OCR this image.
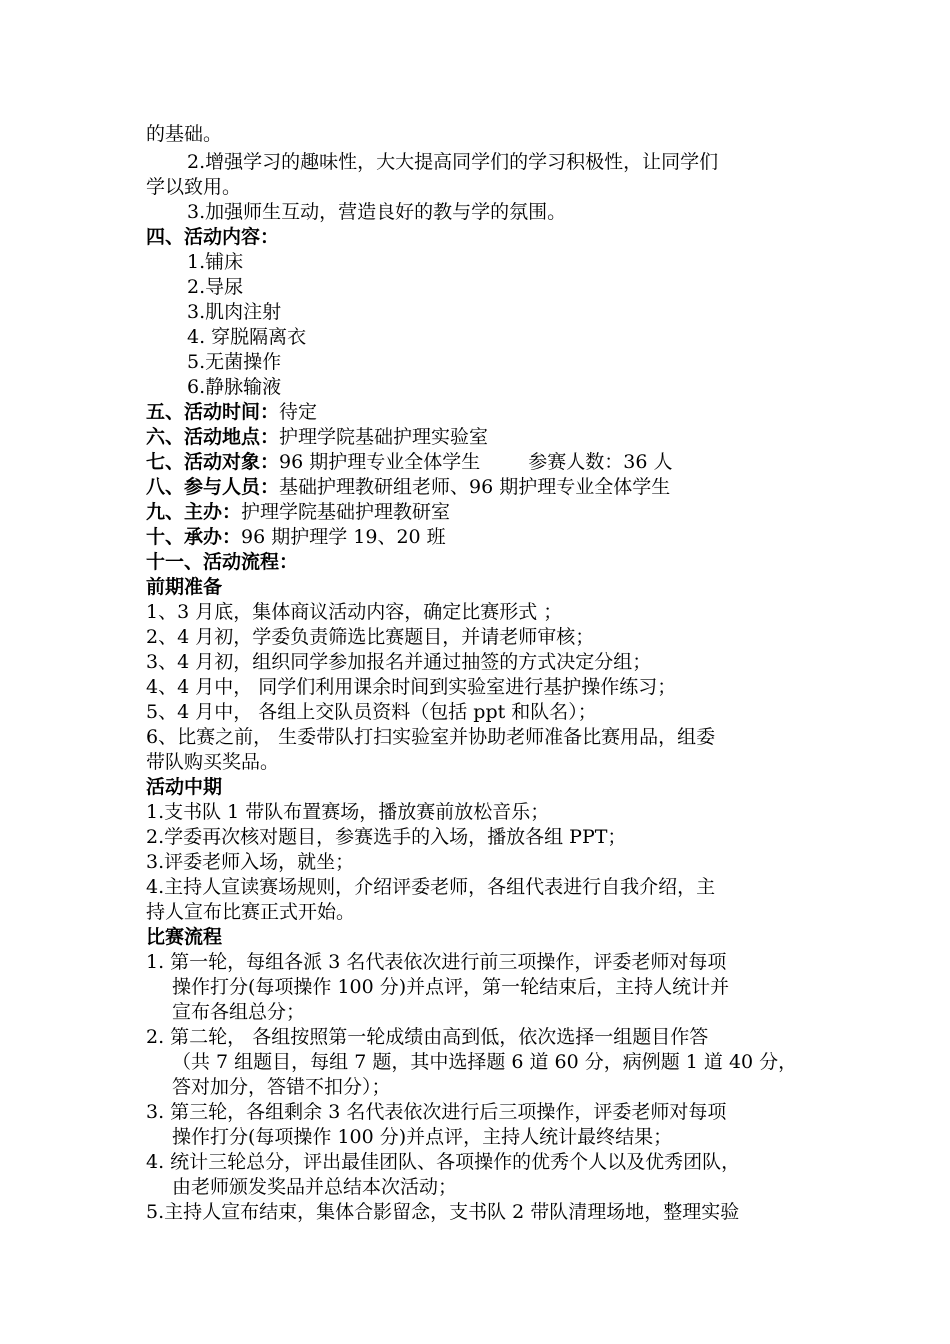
的基础。
2.增强学习的趣味性，大大提高同学们的学习积极性，让同学们
学以致用。
3.加强师生互动，营造良好的教与学的氛围。
四、活动内容：
1.铺床
2.导尿
3.肌肉注射
4. 穿脱隔离衣
5.无菌操作
6.静脉输液
五、活动时间：待定
六、活动地点：护理学院基础护理实验室
七、活动对象：96 期护理专业全体学生	参赛人数：36 人
八、参与人员：基础护理教研组老师、96 期护理专业全体学生
九、主办：护理学院基础护理教研室
十、承办：96 期护理学 19、20 班
十一、活动流程：
前期准备
1、3 月底，集体商议活动内容，确定比赛形式 ；
2、4 月初，学委负责筛选比赛题目，并请老师审核；
3、4 月初，组织同学参加报名并通过抽签的方式决定分组；
4、4 月中， 同学们利用课余时间到实验室进行基护操作练习；
5、4 月中， 各组上交队员资料（包括 ppt 和队名）；
6、比赛之前， 生委带队打扫实验室并协助老师准备比赛用品，组委
带队购买奖品。
活动中期
1.支书队 1 带队布置赛场，播放赛前放松音乐；
2.学委再次核对题目，参赛选手的入场，播放各组 PPT；
3.评委老师入场，就坐；
4.主持人宣读赛场规则，介绍评委老师，各组代表进行自我介绍，主
持人宣布比赛正式开始。
比赛流程
1. 第一轮，每组各派 3 名代表依次进行前三项操作，评委老师对每项
操作打分(每项操作 100 分)并点评，第一轮结束后，主持人统计并
宣布各组总分；
2. 第二轮， 各组按照第一轮成绩由高到低，依次选择一组题目作答
（共 7 组题目，每组 7 题，其中选择题 6 道 60 分，病例题 1 道 40 分，
答对加分，答错不扣分）；
3. 第三轮，各组剩余 3 名代表依次进行后三项操作，评委老师对每项
操作打分(每项操作 100 分)并点评，主持人统计最终结果；
4. 统计三轮总分，评出最佳团队、各项操作的优秀个人以及优秀团队，
由老师颁发奖品并总结本次活动；
5.主持人宣布结束，集体合影留念，支书队 2 带队清理场地，整理实验
